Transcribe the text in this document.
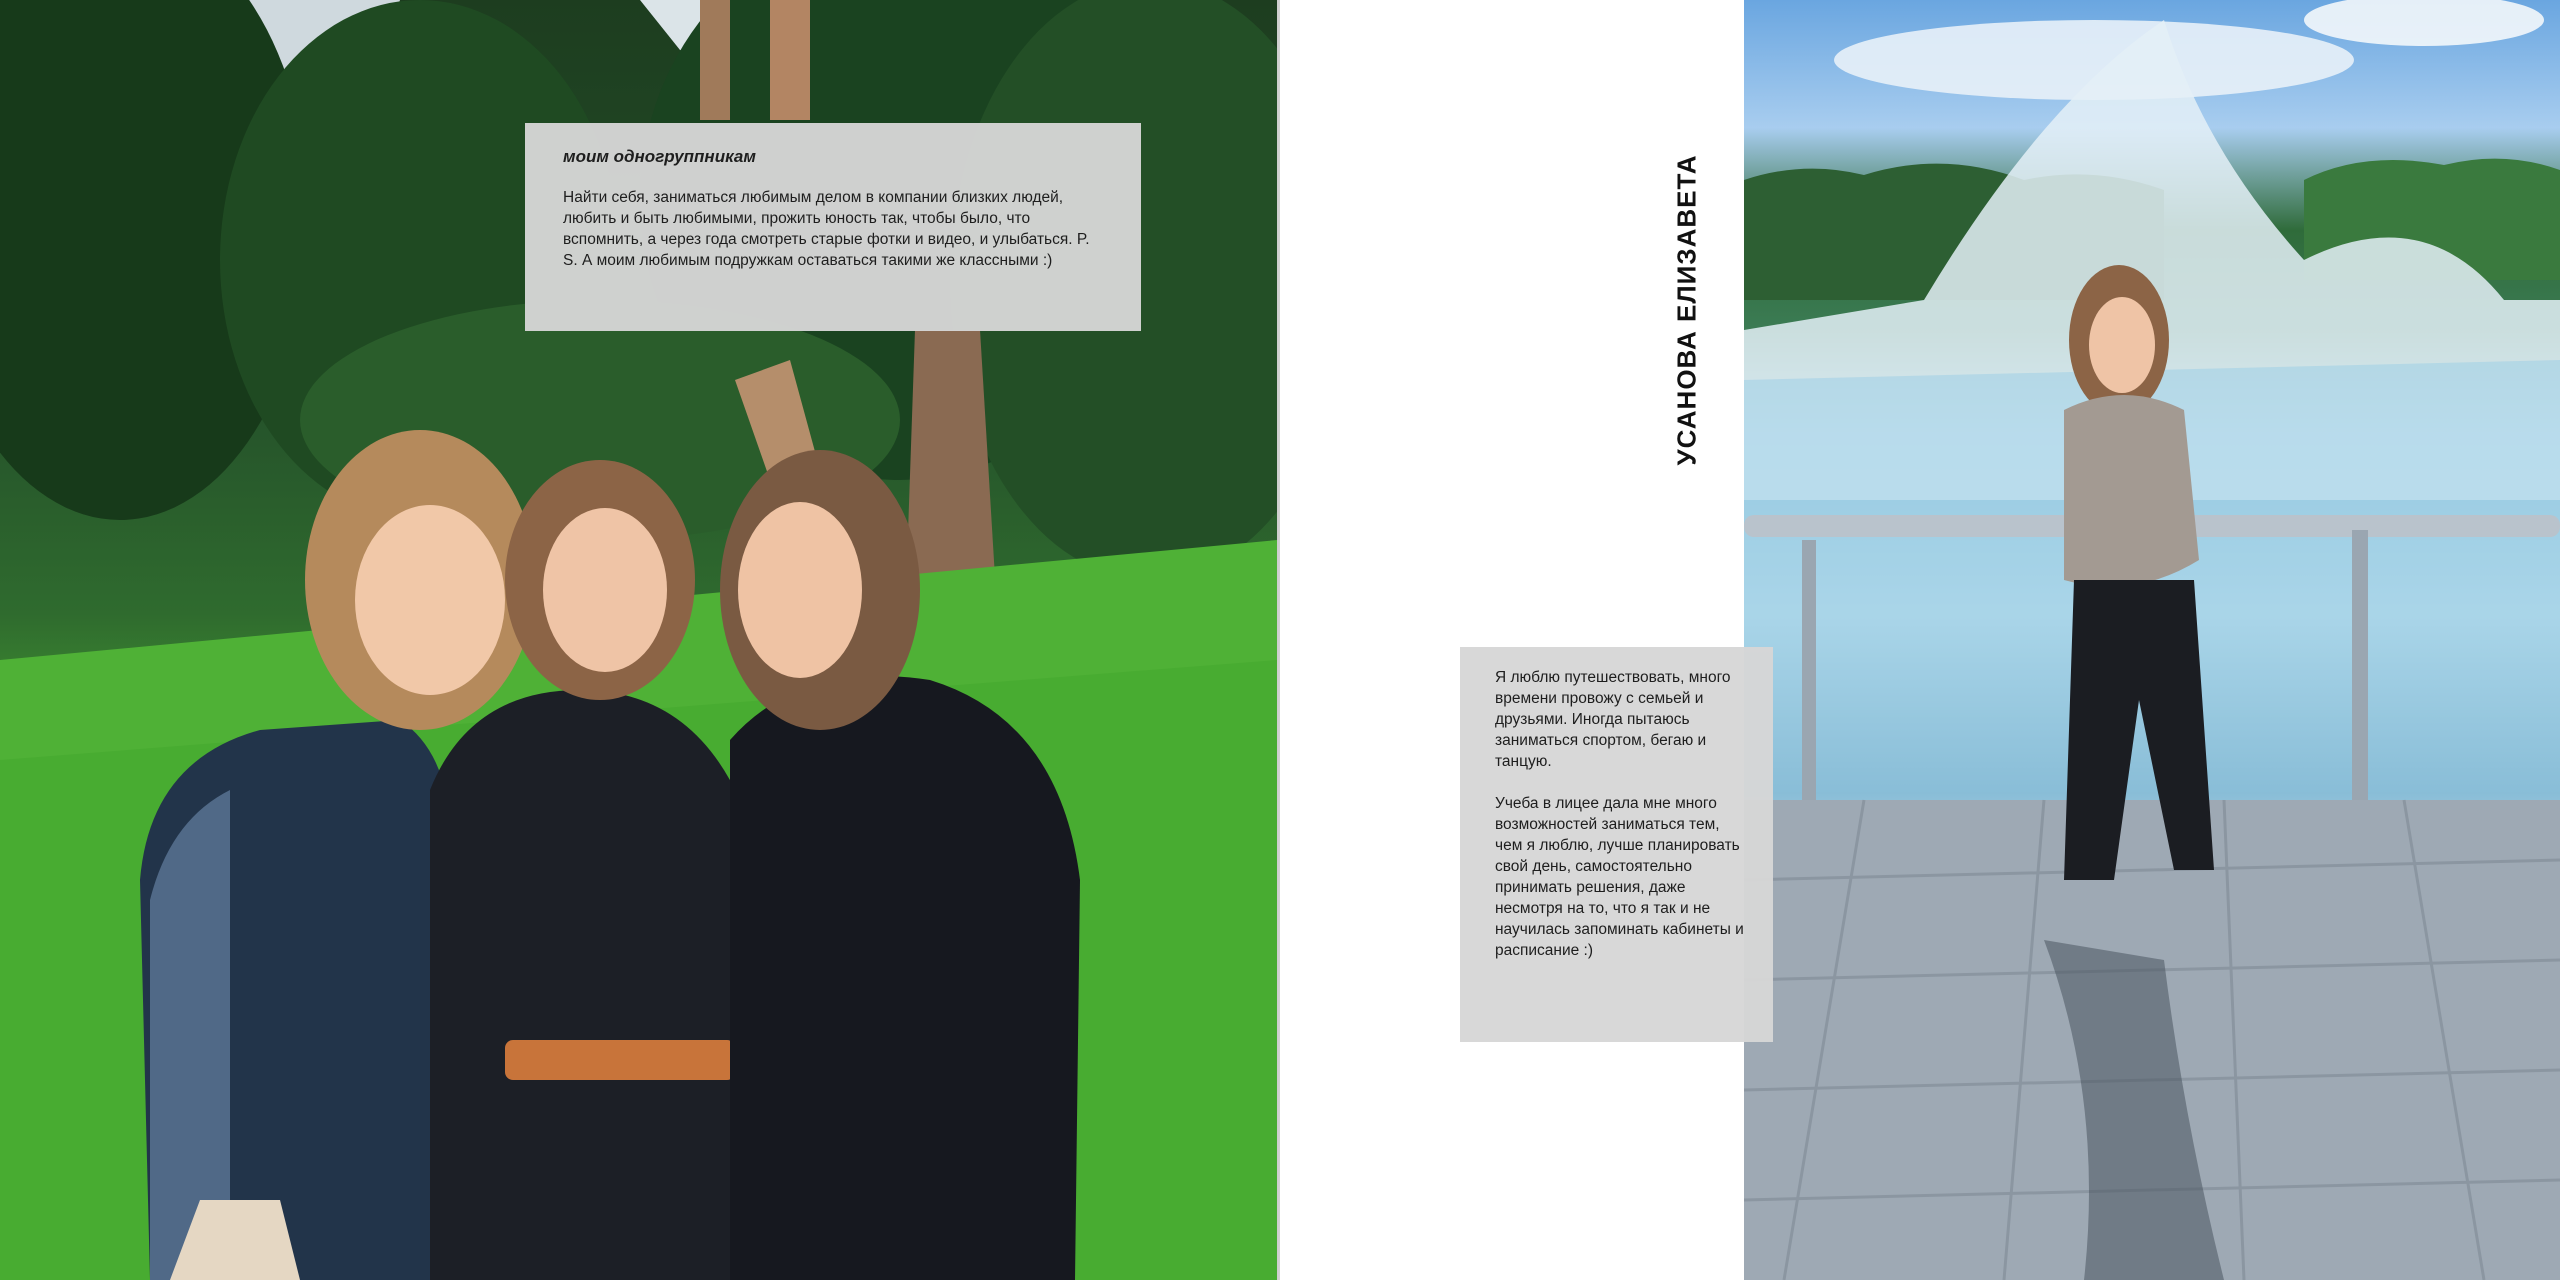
моим одногруппникам
Найти себя, заниматься любимым делом в компании близких людей, любить и быть любимыми, прожить юность так, чтобы было, что вспомнить, а через года смотреть старые фотки и видео, и улыбаться. P. S. А моим любимым подружкам оставаться такими же классными :)	УСАНОВА ЕЛИЗАВЕТА

Я люблю путешествовать, много времени провожу с семьей и друзьями. Иногда пытаюсь заниматься спортом, бегаю и танцую.

Учеба в лицее дала мне много возможностей заниматься тем, чем я люблю, лучше планировать свой день, самостоятельно принимать решения, даже несмотря на то, что я так и не научилась запоминать кабинеты и расписание :)
